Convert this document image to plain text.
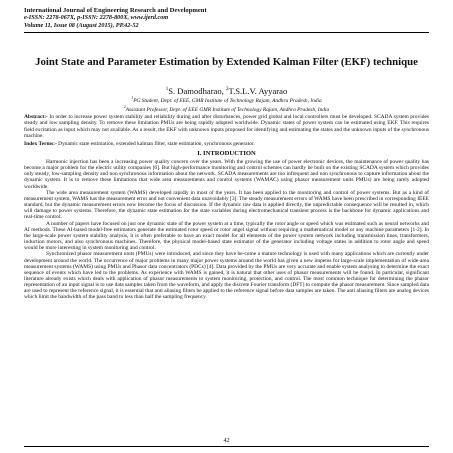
International Journal of Engineering Research and Development
e-ISSN: 2278-067X, p-ISSN: 2278-800X, www.ijerd.com
Volume 11, Issue 08 (August 2015), PP.42-52
Joint State and Parameter Estimation by Extended Kalman Filter (EKF) technique
$^1$S. Damodharao, $^2$T.S.L.V. Ayyarao
$^1$PG Student, Dept. of EEE, GMR Institute of Technology Rajam, Andhra Pradesh, India
$^2$Assistant Professor, Dept. of EEE GMR Institute of Technology Rajam, Andhra Pradesh, India

Abstract:- In order to increase power system stability and reliability during and after disturbances, power grid global and local controllers must be developed. SCADA system provides steady and low sampling density. To remove these limitation PMUs are being rapidly adopted worldwide. Dynamic states of power system can be estimated using EKF. This requires field excitation as input which may not available. As a result, the EKF with unknown inputs proposed for identifying and estimating the states and the unknown inputs of the synchronous machine.

Index Terms:- Dynamic state estimation, extended kalman filter, state estimation, synchronous generator.

I. INTRODUCTION

Harmonic injection has been a increasing power quality concern over the years. With the growing the use of power electronic devices, the maintenance of power quality has become a major problem for the electric utility companies [6]. But high-performance monitoring and control schemes can hardly be built on the existing SCADA system which provides only steady, low-sampling density and non synchronous information about the network. SCADA measurements are too infrequent and non synchronous to capture information about the dynamic system. It is to remove these limitations that wide area measurements and control systems (WAMAC) using phasor measurement units PMUs) are being rarely adopted worldwide.

The wide area measurement system (WAMS) developed rapidly in most of the years. It has been applied to the monitoring and control of power systems. But as a kind of measurement system, WAMS has the measurement error and not convenient data unavoidably [3]. The steady measurement errors of WAMS have been prescribed in corresponding IEEE standard, but the dynamic measurement errors now become the focus of discussion. If the dynamic raw data is applied directly, the unpredictable consequence will be resulted in, which will damage to power systems. Therefore, the dynamic state estimation for the state variables during electromechanical transient process is the backbone for dynamic applications and real-time control.

A number of papers have focused on just one dynamic state of the power system at a time, typically the rotor angle or speed which was estimated such as neural networks and AI methods. These AI-based model-free estimators generate the estimated rotor speed or rotor angel signal without requiring a mathematical model or any machine parameters [1-2]. In the large-scale power system stability analysis, it is often preferable to have an exact model for all elements of the power system network including transmission lines, transformers, induction motors, and also synchronous machines. Therefore, the physical model-based state estimator of the generator including voltage states in addition to rotor angle and speed would be more interesting in system monitoring and control.

Synchronized phasor measurement units (PMUs) were introduced, and since they have be-come a mature technology is used with many applications which are currently under development around the world. The occurrence of major problems in many major power systems around the world has given a new impetus for large-scale implementation of wide-area measurement systems (WAMS) using PMUs and Phasor data concentrators (PDCs) [4]. Data provided by the PMUs are very accurate and enable system analysing to determine the exact sequence of events which have led to the problems. As experience with WAMS is gained, it is natural that other uses of phasor measurements will be found. In particular, significant literature already exists which deals with application of phasor measurements to system monitoring, protection, and control. The most common technique for determining the phasor representation of an input signal is to use data samples taken from the waveform, and apply the discrete Fourier transform (DFT) to compute the phasor measurement. Since sampled data are used to represent the reference signal, it is essential that anti aliasing filters be applied to the reference signal before data samples are taken. The anti aliasing filters are analog devices which limit the bandwidth of the pass band to less than half the sampling frequency.

42
